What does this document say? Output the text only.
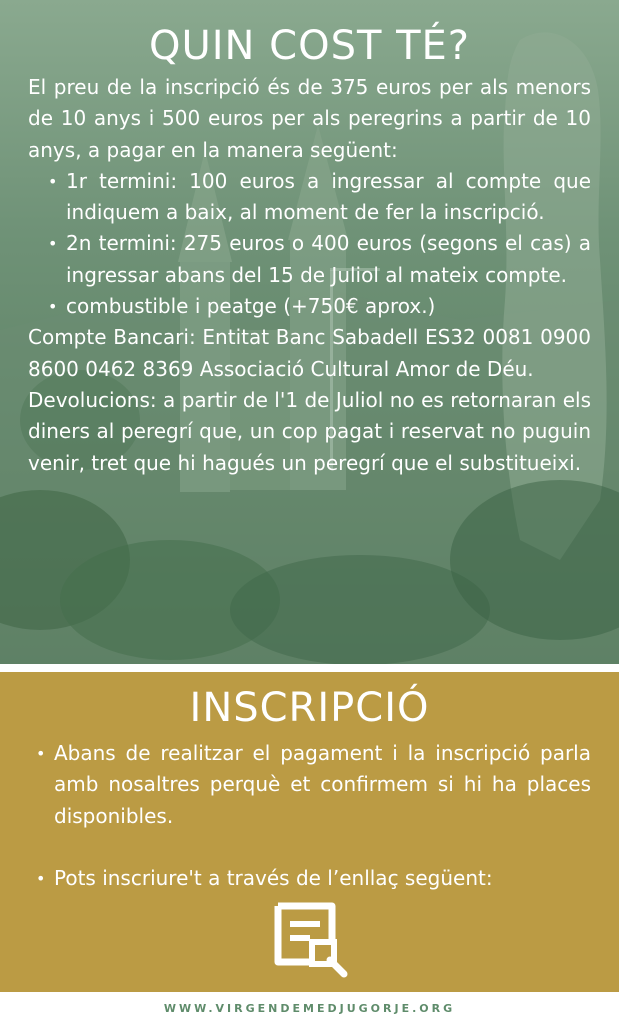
QUIN COST TÉ?

El preu de la inscripció és de 375 euros per als menors de 10 anys i 500 euros per als peregrins a partir de 10 anys, a pagar en la manera següent:

• 1r termini: 100 euros a ingressar al compte que indiquem a baix, al moment de fer la inscripció.
• 2n termini: 275 euros o 400 euros (segons el cas) a ingressar abans del 15 de Juliol al mateix compte.
• combustible i peatge (+750€ aprox.)

Compte Bancari: Entitat Banc Sabadell ES32 0081 0900 8600 0462 8369 Associació Cultural Amor de Déu.

Devolucions: a partir de l'1 de Juliol no es retornaran els diners al peregrí que, un cop pagat i reservat no puguin venir, tret que hi hagués un peregrí que el substitueixi.

INSCRIPCIÓ
• Abans de realitzar el pagament i la inscripció parla amb nosaltres perquè et confirmem si hi ha places disponibles.
• Pots inscriure't a través de l’enllaç següent:
WWW.VIRGENDEMEDJUGORJE.ORG
